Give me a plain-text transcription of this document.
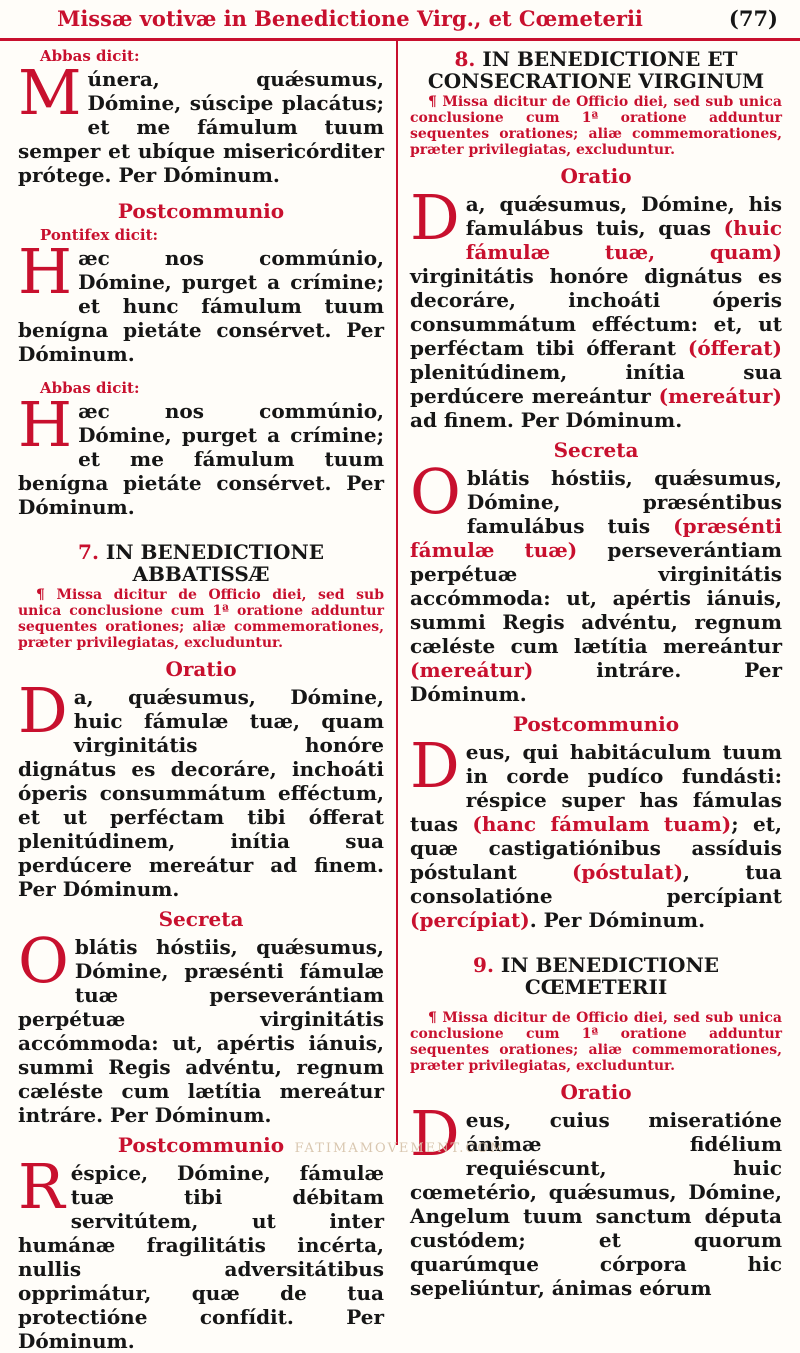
Missæ votivæ in Benedictione Virg., et Cœmeterii	(77)
Abbas dicit:

Múnera, quǽsumus, Dómine, súscipe placátus; et me fámulum tuum semper et ubíque misericórditer prótege. Per Dóminum.

Postcommunio
Pontifex dicit:

Hæc nos commúnio, Dómine, purget a crímine; et hunc fámulum tuum benígna pietáte consérvet. Per Dóminum.

Abbas dicit:

Hæc nos commúnio, Dómine, purget a crímine; et me fámulum tuum benígna pietáte consérvet. Per Dóminum.

7. IN BENEDICTIONE
ABBATISSÆ

¶ Missa dicitur de Officio diei, sed sub unica conclusione cum 1ª oratione adduntur sequentes orationes; aliæ commemorationes, præter privilegiatas, excluduntur.

Oratio

Da, quǽsumus, Dómine, huic fámulæ tuæ, quam virginitátis honóre dignátus es decoráre, inchoáti óperis consummátum efféctum, et ut perféctam tibi ófferat plenitúdinem, inítia sua perdúcere mereátur ad finem. Per Dóminum.

Secreta

Oblátis hóstiis, quǽsumus, Dómine, præsénti fámulæ tuæ perseverántiam perpétuæ virginitátis accómmoda: ut, apértis iánuis, summi Regis advéntu, regnum cæléste cum lætítia mereátur intráre. Per Dóminum.

Postcommunio

Réspice, Dómine, fámulæ tuæ tibi débitam servitútem, ut inter humánæ fragilitátis incérta, nullis adversitátibus opprimátur, quæ de tua protectióne confídit. Per Dóminum.

8. IN BENEDICTIONE ET
CONSECRATIONE VIRGINUM

¶ Missa dicitur de Officio diei, sed sub unica conclusione cum 1ª oratione adduntur sequentes orationes; aliæ commemorationes, præter privilegiatas, excluduntur.

Oratio

Da, quǽsumus, Dómine, his famulábus tuis, quas (huic fámulæ tuæ, quam) virginitátis honóre dignátus es decoráre, inchoáti óperis consummátum efféctum: et, ut perféctam tibi ófferant (ófferat) plenitúdinem, inítia sua perdúcere mereántur (mereátur) ad finem. Per Dóminum.

Secreta

Oblátis hóstiis, quǽsumus, Dómine, præséntibus famulábus tuis (præsénti fámulæ tuæ) perseverántiam perpétuæ virginitátis accómmoda: ut, apértis iánuis, summi Regis advéntu, regnum cæléste cum lætítia mereántur (mereátur) intráre. Per Dóminum.

Postcommunio

Deus, qui habitáculum tuum in corde pudíco fundásti: réspice super has fámulas tuas (hanc fámulam tuam); et, quæ castigatiónibus assíduis póstulant (póstulat), tua consolatióne percípiant (percípiat). Per Dóminum.

9. IN BENEDICTIONE
CŒMETERII

¶ Missa dicitur de Officio diei, sed sub unica conclusione cum 1ª oratione adduntur sequentes orationes; aliæ commemorationes, præter privilegiatas, excluduntur.

Oratio

Deus, cuius miseratióne ánimæ fidélium requiéscunt, huic cœmetério, quǽsumus, Dómine, Angelum tuum sanctum députa custódem; et quorum quarúmque córpora hic sepeliúntur, ánimas eórum

FATIMAMOVEMENT.COM
